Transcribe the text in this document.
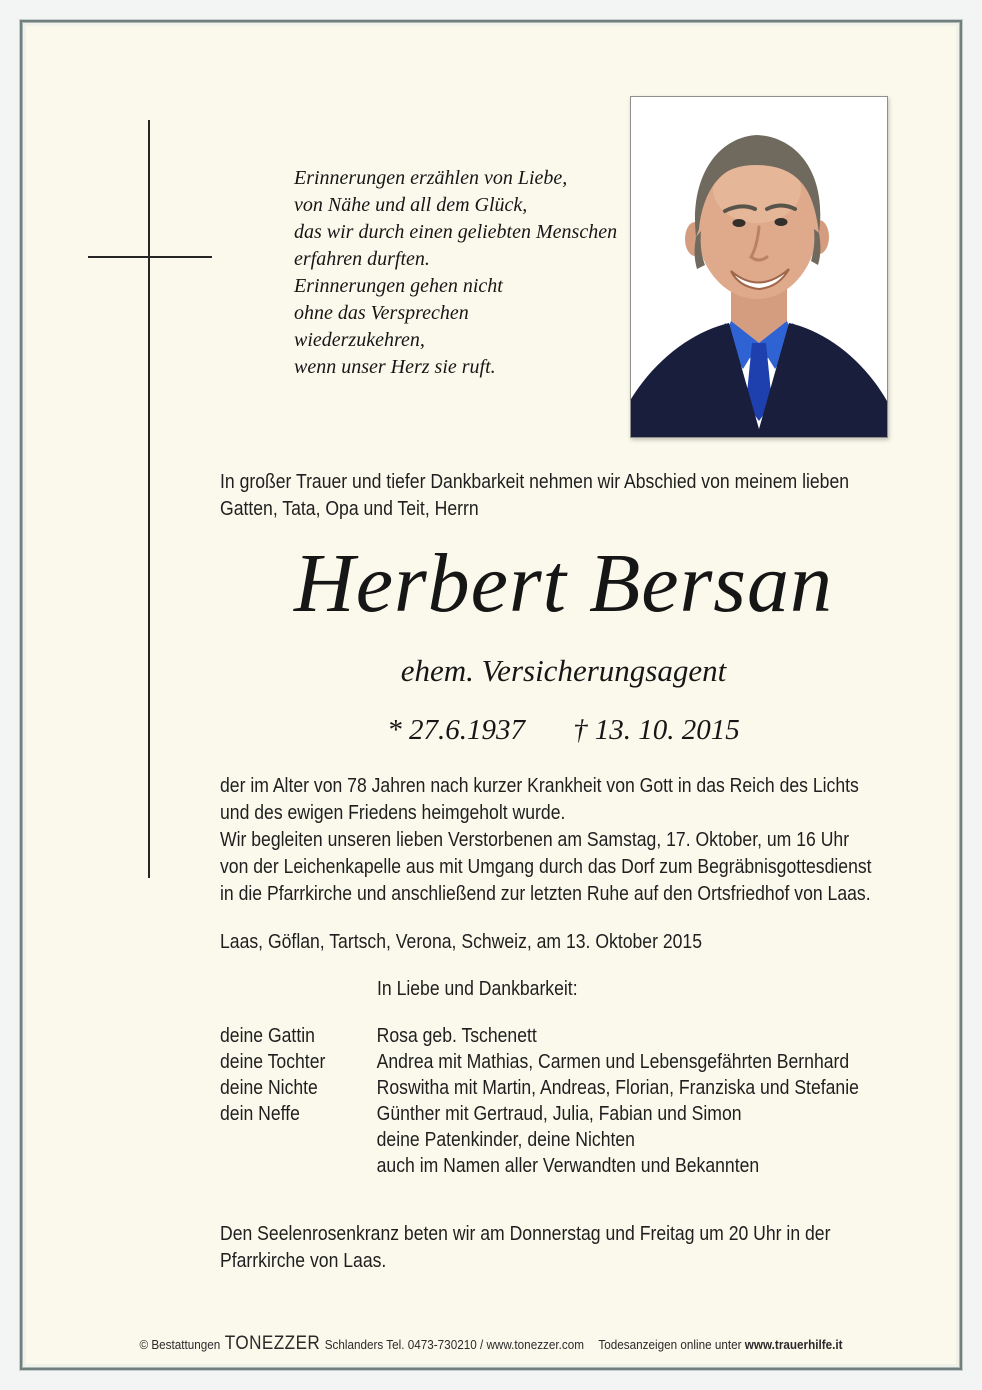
Erinnerungen erzählen von Liebe,
von Nähe und all dem Glück,
das wir durch einen geliebten Menschen
erfahren durften.
Erinnerungen gehen nicht
ohne das Versprechen
wiederzukehren,
wenn unser Herz sie ruft.
In großer Trauer und tiefer Dankbarkeit nehmen wir Abschied von meinem lieben
Gatten, Tata, Opa und Teit, Herrn
Herbert Bersan
ehem. Versicherungsagent
* 27.6.1937 † 13. 10. 2015
der im Alter von 78 Jahren nach kurzer Krankheit von Gott in das Reich des Lichts
und des ewigen Friedens heimgeholt wurde.
Wir begleiten unseren lieben Verstorbenen am Samstag, 17. Oktober, um 16 Uhr
von der Leichenkapelle aus mit Umgang durch das Dorf zum Begräbnisgottesdienst
in die Pfarrkirche und anschließend zur letzten Ruhe auf den Ortsfriedhof von Laas.
Laas, Göflan, Tartsch, Verona, Schweiz, am 13. Oktober 2015
In Liebe und Dankbarkeit:
deine Gattin	Rosa geb. Tschenett
deine Tochter	Andrea mit Mathias, Carmen und Lebensgefährten Bernhard
deine Nichte	Roswitha mit Martin, Andreas, Florian, Franziska und Stefanie
dein Neffe	Günther mit Gertraud, Julia, Fabian und Simon
deine Patenkinder, deine Nichten
auch im Namen aller Verwandten und Bekannten
Den Seelenrosenkranz beten wir am Donnerstag und Freitag um 20 Uhr in der
Pfarrkirche von Laas.
© Bestattungen TONEZZER Schlanders Tel. 0473-730210 / www.tonezzer.com Todesanzeigen online unter www.trauerhilfe.it
